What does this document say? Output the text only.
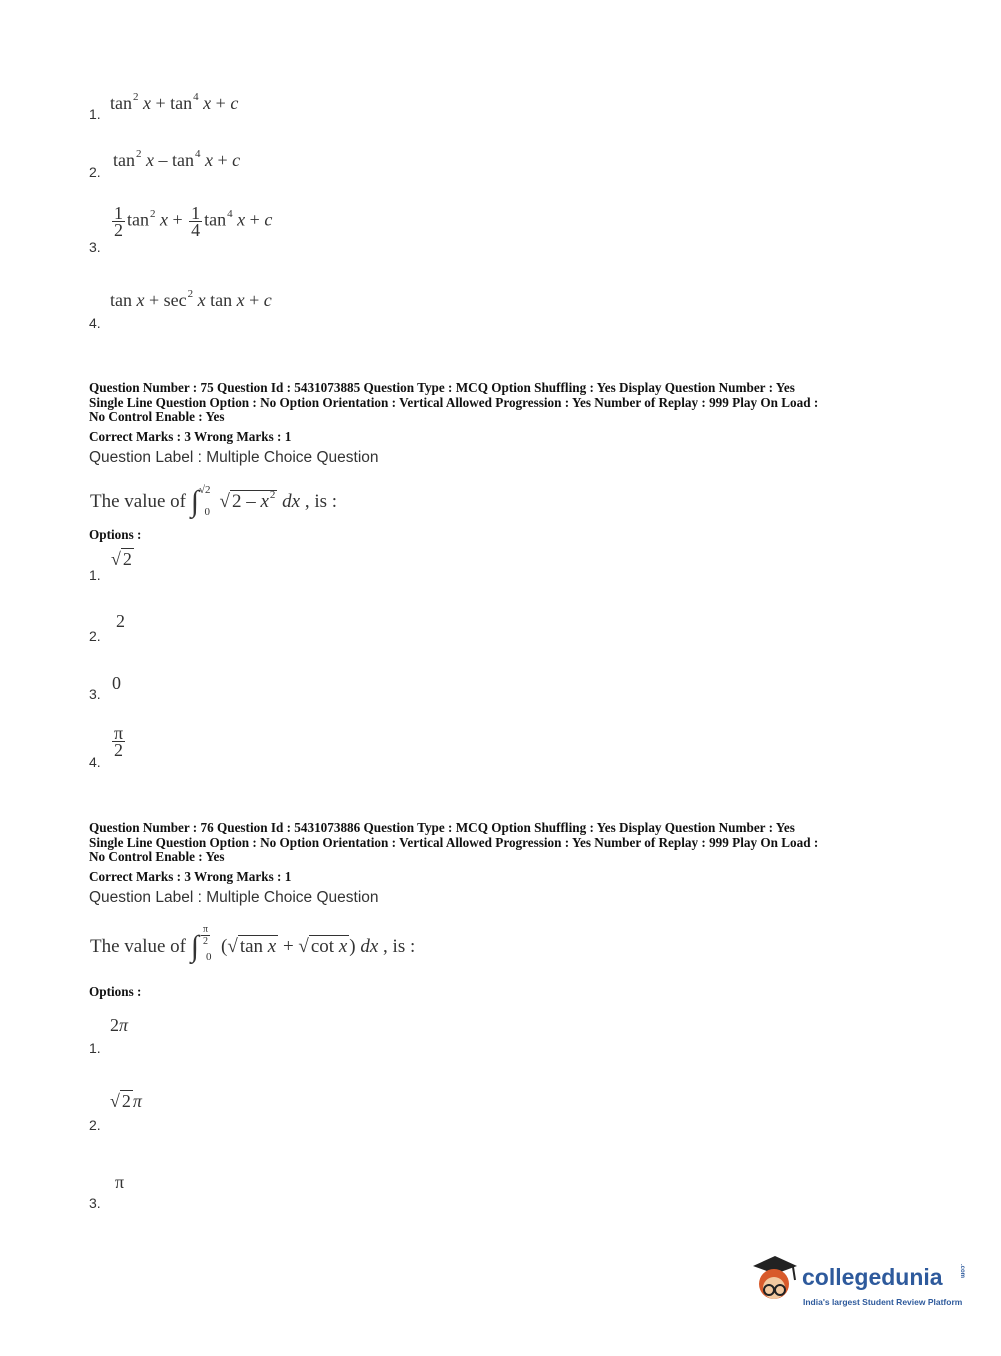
1.
$\tan^2 x + \tan^4 x + c$
2.
$\tan^2 x - \tan^4 x + c$
3.
$\frac{1}{2} \tan^2 x + \frac{1}{4} \tan^4 x + c$
4.
$\tan x + \sec^2 x$ tan x + c
Question Number : 75 Question Id : 5431073885 Question Type : MCQ Option Shuffling : Yes Display Question Number : Yes
Single Line Question Option : No Option Orientation : Vertical Allowed Progression : Yes Number of Replay : 999 Play On Load :
No Control Enable : Yes
Correct Marks : 3 Wrong Marks : 1
Question Label : Multiple Choice Question
The value of ∫$^{√2}_0$  √ $2 - x^2$ dx , is :
Options :
1.
√ 2
2.
2
3.
0
4.
$\frac{\pi}{2}$
Question Number : 76 Question Id : 5431073886 Question Type : MCQ Option Shuffling : Yes Display Question Number : Yes
Single Line Question Option : No Option Orientation : Vertical Allowed Progression : Yes Number of Replay : 999 Play On Load :
No Control Enable : Yes
Correct Marks : 3 Wrong Marks : 1
Question Label : Multiple Choice Question
The value of ∫ $^{\frac{\pi}{2}}$
$_0$  (√ tan x + √ cot x ) dx , is :
Options :
1.
2π
2.
√ 2 π
3.
π
collegedunia	.com
India's largest Student Review Platform
